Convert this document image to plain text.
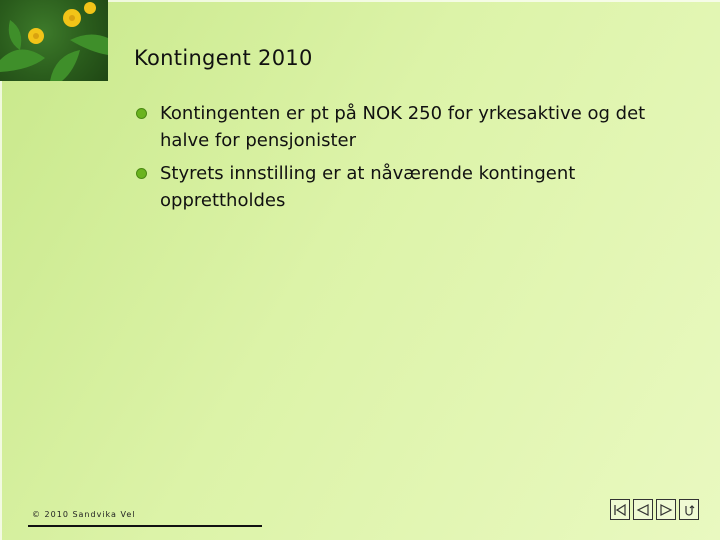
Kontingent 2010
Kontingenten er pt på NOK 250 for yrkesaktive og det halve for pensjonister
Styrets innstilling er at nåværende kontingent opprettholdes
© 2010 Sandvika Vel
